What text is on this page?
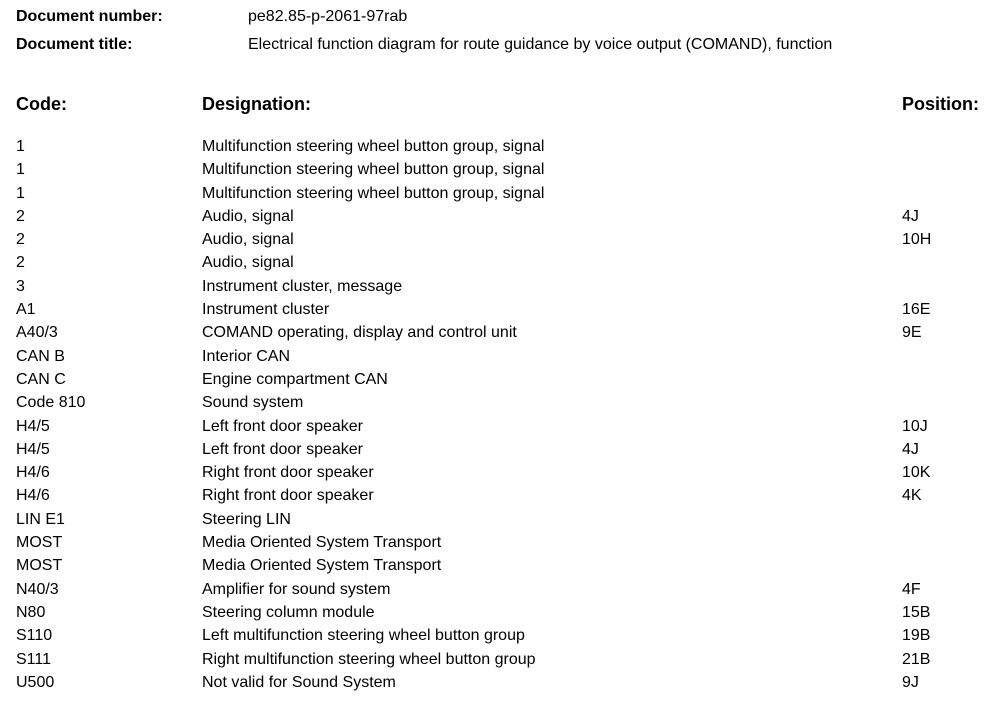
Document number:	pe82.85-p-2061-97rab
Document title:	Electrical function diagram for route guidance by voice output (COMAND), function
Code:	Designation:	Position:
1	Multifunction steering wheel button group, signal
1	Multifunction steering wheel button group, signal
1	Multifunction steering wheel button group, signal
2	Audio, signal	4J
2	Audio, signal	10H
2	Audio, signal
3	Instrument cluster, message
A1	Instrument cluster	16E
A40/3	COMAND operating, display and control unit	9E
CAN B	Interior CAN
CAN C	Engine compartment CAN
Code 810	Sound system
H4/5	Left front door speaker	10J
H4/5	Left front door speaker	4J
H4/6	Right front door speaker	10K
H4/6	Right front door speaker	4K
LIN E1	Steering LIN
MOST	Media Oriented System Transport
MOST	Media Oriented System Transport
N40/3	Amplifier for sound system	4F
N80	Steering column module	15B
S110	Left multifunction steering wheel button group	19B
S111	Right multifunction steering wheel button group	21B
U500	Not valid for Sound System	9J
